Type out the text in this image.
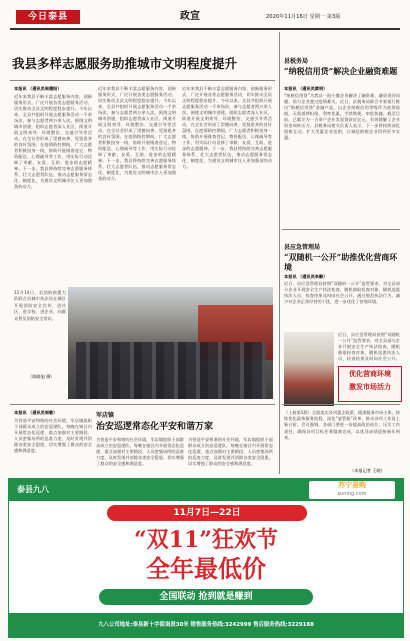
今日泰县	政宣	2020年11月16日 星期一 第3版
我县多样志愿服务助推城市文明程度提升
本报讯 （通讯员周德阳）
近年来我县不断丰富志愿服务内容，创新服务形式，广泛开展各类志愿服务活动，切实推动全县文明程度稳步提升。今年以来，全县共组织开展志愿服务活动一千余场次，参与志愿者两万余人次。围绕文明城市创建，组织志愿者深入社区、街道开展文明劝导、环境整治、交通引导等活动，在全社会形成了崇德向善、见贤思齐的良好氛围。在疫情防控期间，广大志愿者积极投身一线，协助开展排查登记、物资配送、心理疏导等工作，用实际行动诠释了奉献、友爱、互助、进步的志愿精神。下一步，我县将持续完善志愿服务体系，壮大志愿者队伍，推动志愿服务常态化、制度化，为建设文明城市注入更加强劲的动力。
近年来我县不断丰富志愿服务内容，创新服务形式，广泛开展各类志愿服务活动，切实推动全县文明程度稳步提升。今年以来，全县共组织开展志愿服务活动一千余场次，参与志愿者两万余人次。围绕文明城市创建，组织志愿者深入社区、街道开展文明劝导、环境整治、交通引导等活动，在全社会形成了崇德向善、见贤思齐的良好氛围。在疫情防控期间，广大志愿者积极投身一线，协助开展排查登记、物资配送、心理疏导等工作，用实际行动诠释了奉献、友爱、互助、进步的志愿精神。下一步，我县将持续完善志愿服务体系，壮大志愿者队伍，推动志愿服务常态化、制度化，为建设文明城市注入更加强劲的动力。
近年来我县不断丰富志愿服务内容，创新服务形式，广泛开展各类志愿服务活动，切实推动全县文明程度稳步提升。今年以来，全县共组织开展志愿服务活动一千余场次，参与志愿者两万余人次。围绕文明城市创建，组织志愿者深入社区、街道开展文明劝导、环境整治、交通引导等活动，在全社会形成了崇德向善、见贤思齐的良好氛围。在疫情防控期间，广大志愿者积极投身一线，协助开展排查登记、物资配送、心理疏导等工作，用实际行动诠释了奉献、友爱、互助、进步的志愿精神。下一步，我县将持续完善志愿服务体系，壮大志愿者队伍，推动志愿服务常态化、制度化，为建设文明城市注入更加强劲的动力。
11月14日，县消防救援大队联合县城市执法局在城区开展消防安全宣传，进社区、进学校、进企业，向群众普及消防安全常识。
（陈晓旭 摄）
军店镇
治安巡逻常态化平安和谐万家
本报讯 （通讯员周敏）
为营造平安和谐的社会环境，军店镇组织干部群众成立治安巡逻队，每晚在辖区内开展常态化巡逻，重点加强对主要路段、人员密集场所的巡查力度，及时发现并消除各类安全隐患，切实增强了群众的安全感和满意度。
为营造平安和谐的社会环境，军店镇组织干部群众成立治安巡逻队，每晚在辖区内开展常态化巡逻，重点加强对主要路段、人员密集场所的巡查力度，及时发现并消除各类安全隐患，切实增强了群众的安全感和满意度。
为营造平安和谐的社会环境，军店镇组织干部群众成立治安巡逻队，每晚在辖区内开展常态化巡逻，重点加强对主要路段、人员密集场所的巡查力度，及时发现并消除各类安全隐患，切实增强了群众的安全感和满意度。
县税务局
“纳税信用贷”解决企业融资难题
本报讯 （通讯员黄明）
“纳税信用贷”为我县一批小微企业解决了融资难、融资贵的问题，助力企业渡过疫情难关。近日，县税务局联合多家银行推出“纳税信用贷”金融产品，以企业纳税信用等级作为放贷依据，无需抵押担保，利率优惠，手续简便，审批快捷。截至目前，已累计为一百余户企业发放贷款近亿元，有效缓解了企业资金周转压力。县税务局相关负责人表示，下一步将持续深化银税互动，扩大受惠企业范围，让诚信纳税企业得到更多实惠。
县应急管理局
“双随机一公开”助推优化营商环境
本报讯 （通讯员李静）
近日，县应急管理局按照“双随机一公开”监管要求，对全县部分企业开展安全生产执法检查，随机抽取检查对象、随机选派执法人员，检查结果及时向社会公开。通过规范执法行为，减少对企业正常经营的干扰，进一步优化了营商环境。
近日，县应急管理局按照“双随机一公开”监管要求，对全县部分企业开展安全生产执法检查，随机抽取检查对象、随机选派执法人员，检查结果及时向社会公开。
优化营商环境
激发市场活力
（上接第1版）全面落实各项惠企政策，精准服务市场主体，持续优化政务服务流程，深化“放管服”改革，推动各项工作再上新台阶。会议强调，各部门要进一步提高政治站位，压实工作责任，确保各项目标任务圆满完成，以优异成绩迎接新年到来。
（本报记者 王晓）
泰县九八	苏宁易购
suning.com
11月7日—22日
“双11”狂欢节
全年最低价
全国联动 抢到就是赚到
九八公司地址:泰县新十字街南段30米 销售服务热线:3242999 售后服务热线:3229188
